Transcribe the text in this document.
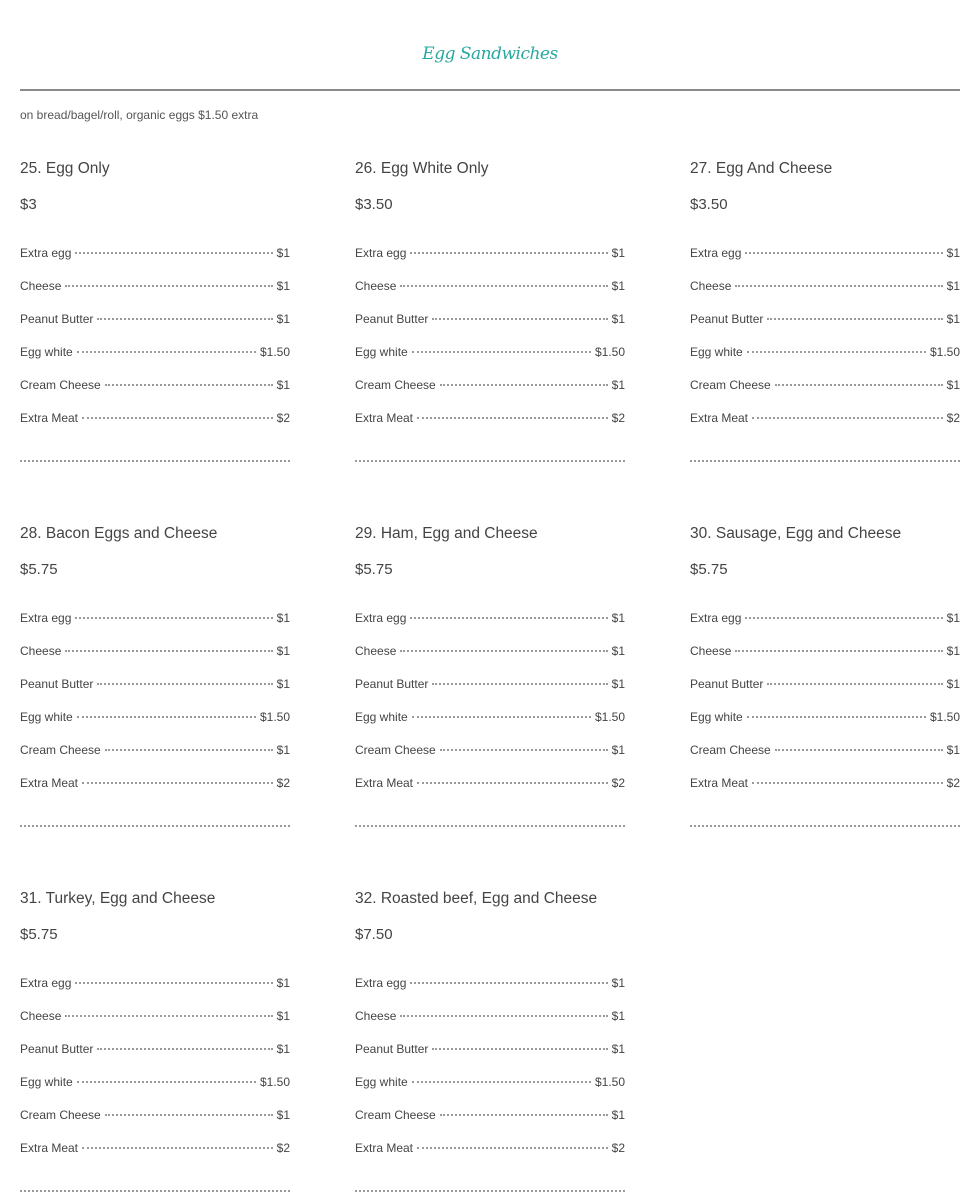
Egg Sandwiches
on bread/bagel/roll, organic eggs $1.50 extra
25. Egg Only
$3
Extra egg	$1
Cheese	$1
Peanut Butter	$1
Egg white	$1.50
Cream Cheese	$1
Extra Meat	$2
26. Egg White Only
$3.50
Extra egg	$1
Cheese	$1
Peanut Butter	$1
Egg white	$1.50
Cream Cheese	$1
Extra Meat	$2
27. Egg And Cheese
$3.50
Extra egg	$1
Cheese	$1
Peanut Butter	$1
Egg white	$1.50
Cream Cheese	$1
Extra Meat	$2
28. Bacon Eggs and Cheese
$5.75
Extra egg	$1
Cheese	$1
Peanut Butter	$1
Egg white	$1.50
Cream Cheese	$1
Extra Meat	$2
29. Ham, Egg and Cheese
$5.75
Extra egg	$1
Cheese	$1
Peanut Butter	$1
Egg white	$1.50
Cream Cheese	$1
Extra Meat	$2
30. Sausage, Egg and Cheese
$5.75
Extra egg	$1
Cheese	$1
Peanut Butter	$1
Egg white	$1.50
Cream Cheese	$1
Extra Meat	$2
31. Turkey, Egg and Cheese
$5.75
Extra egg	$1
Cheese	$1
Peanut Butter	$1
Egg white	$1.50
Cream Cheese	$1
Extra Meat	$2
32. Roasted beef, Egg and Cheese
$7.50
Extra egg	$1
Cheese	$1
Peanut Butter	$1
Egg white	$1.50
Cream Cheese	$1
Extra Meat	$2
